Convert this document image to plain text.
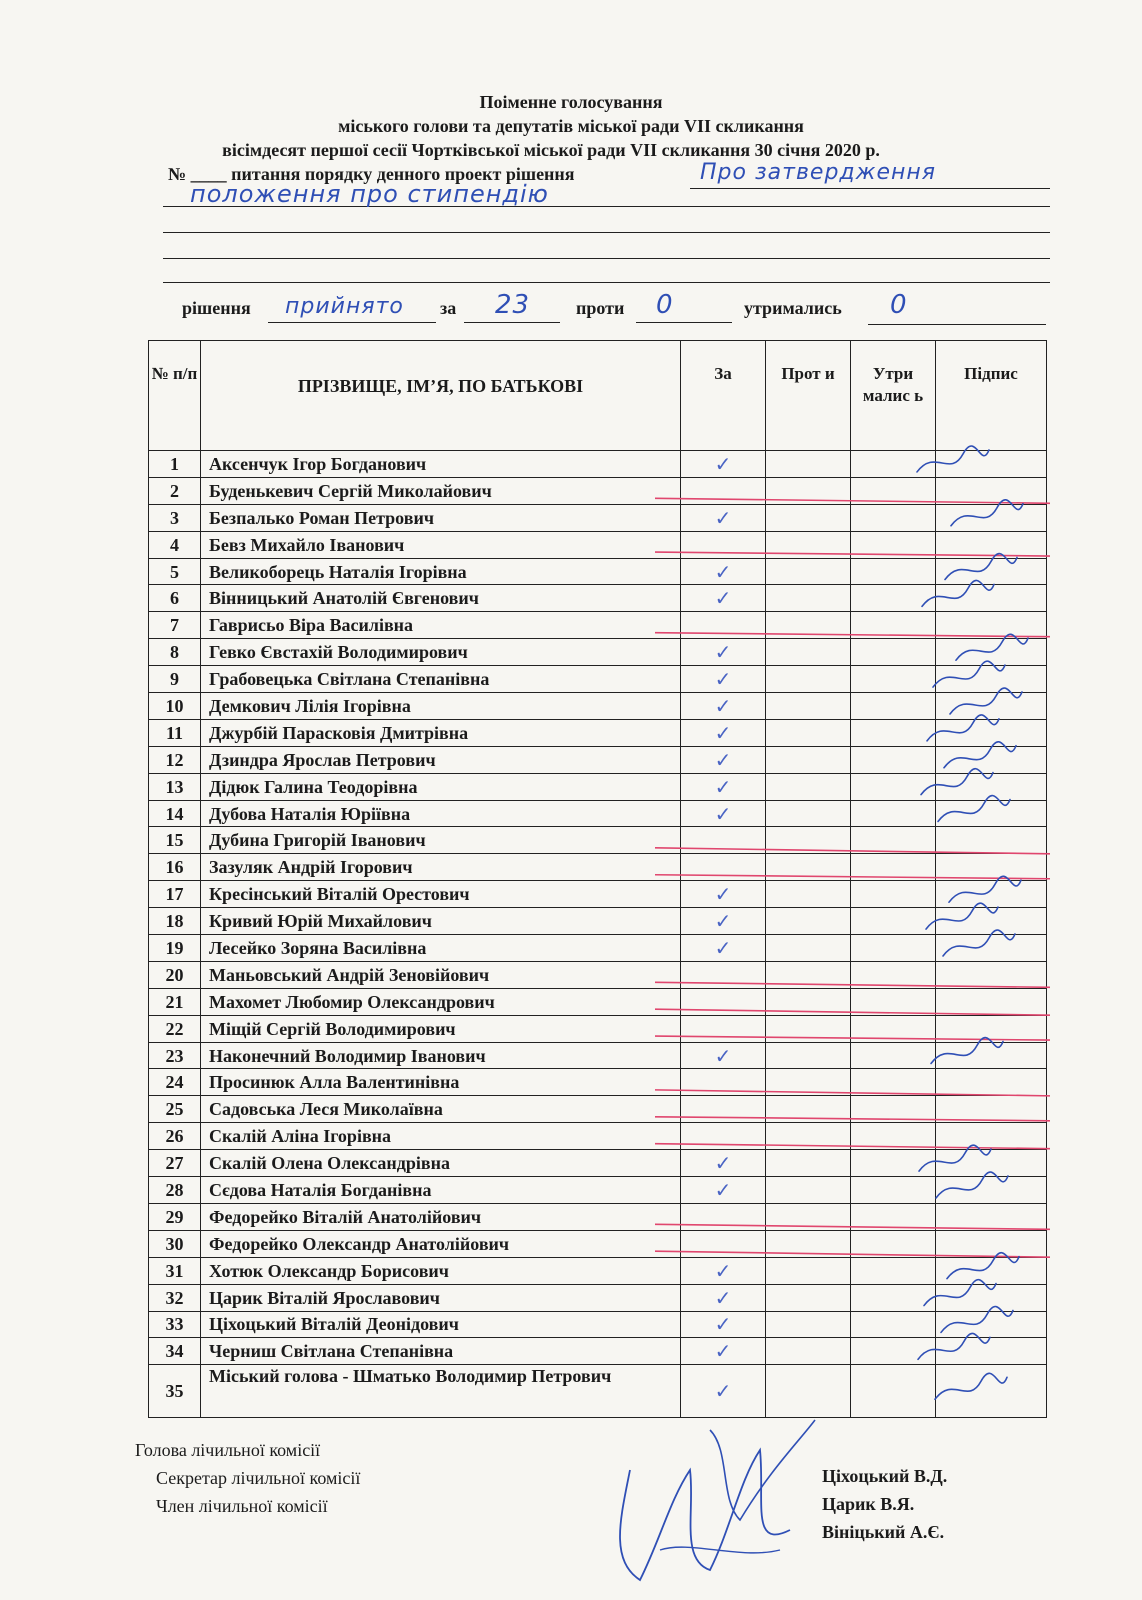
Поіменне голосування
міського голови та депутатів міської ради VII скликання
вісімдесят першої сесії Чортківської міської ради VII скликання 30 січня 2020 р.
№ ____ питання порядку денного проект рішення	Про затвердження
положення про стипендію
рішення прийнято за 23	проти 0	утримались 0
№ п/п	ПРІЗВИЩЕ, ІМ’Я, ПО БАТЬКОВІ	За	Прот и	Утри малис ь	Підпис
1	Аксенчук Ігор Богданович	✓			
2	Буденькевич Сергій Миколайович				
3	Безпалько Роман Петрович	✓			
4	Бевз Михайло Іванович				
5	Великоборець Наталія Ігорівна	✓			
6	Вінницький Анатолій Євгенович	✓			
7	Гаврисьо Віра Василівна				
8	Гевко Євстахій Володимирович	✓			
9	Грабовецька Світлана Степанівна	✓			
10	Демкович Лілія Ігорівна	✓			
11	Джурбій Парасковія Дмитрівна	✓			
12	Дзиндра Ярослав Петрович	✓			
13	Дідюк Галина Теодорівна	✓			
14	Дубова Наталія Юріївна	✓			
15	Дубина Григорій Іванович				
16	Зазуляк Андрій Ігорович				
17	Кресінський Віталій Орестович	✓			
18	Кривий Юрій Михайлович	✓			
19	Лесейко Зоряна Василівна	✓			
20	Маньовський Андрій Зеновійович				
21	Махомет Любомир Олександрович				
22	Міщій Сергій Володимирович				
23	Наконечний Володимир Іванович	✓			
24	Просинюк Алла Валентинівна				
25	Садовська Леся Миколаївна				
26	Скалій Аліна Ігорівна				
27	Скалій Олена Олександрівна	✓			
28	Сєдова Наталія Богданівна	✓			
29	Федорейко Віталій Анатолійович				
30	Федорейко Олександр Анатолійович				
31	Хотюк Олександр Борисович	✓			
32	Царик Віталій Ярославович	✓			
33	Ціхоцький Віталій Деонідович	✓			
34	Черниш Світлана Степанівна	✓			
35	Міський голова - Шматько Володимир Петрович	✓			
Голова лічильної комісії
Секретар лічильної комісії
Член лічильної комісії
Ціхоцький В.Д.
Царик В.Я.
Вініцький А.Є.
